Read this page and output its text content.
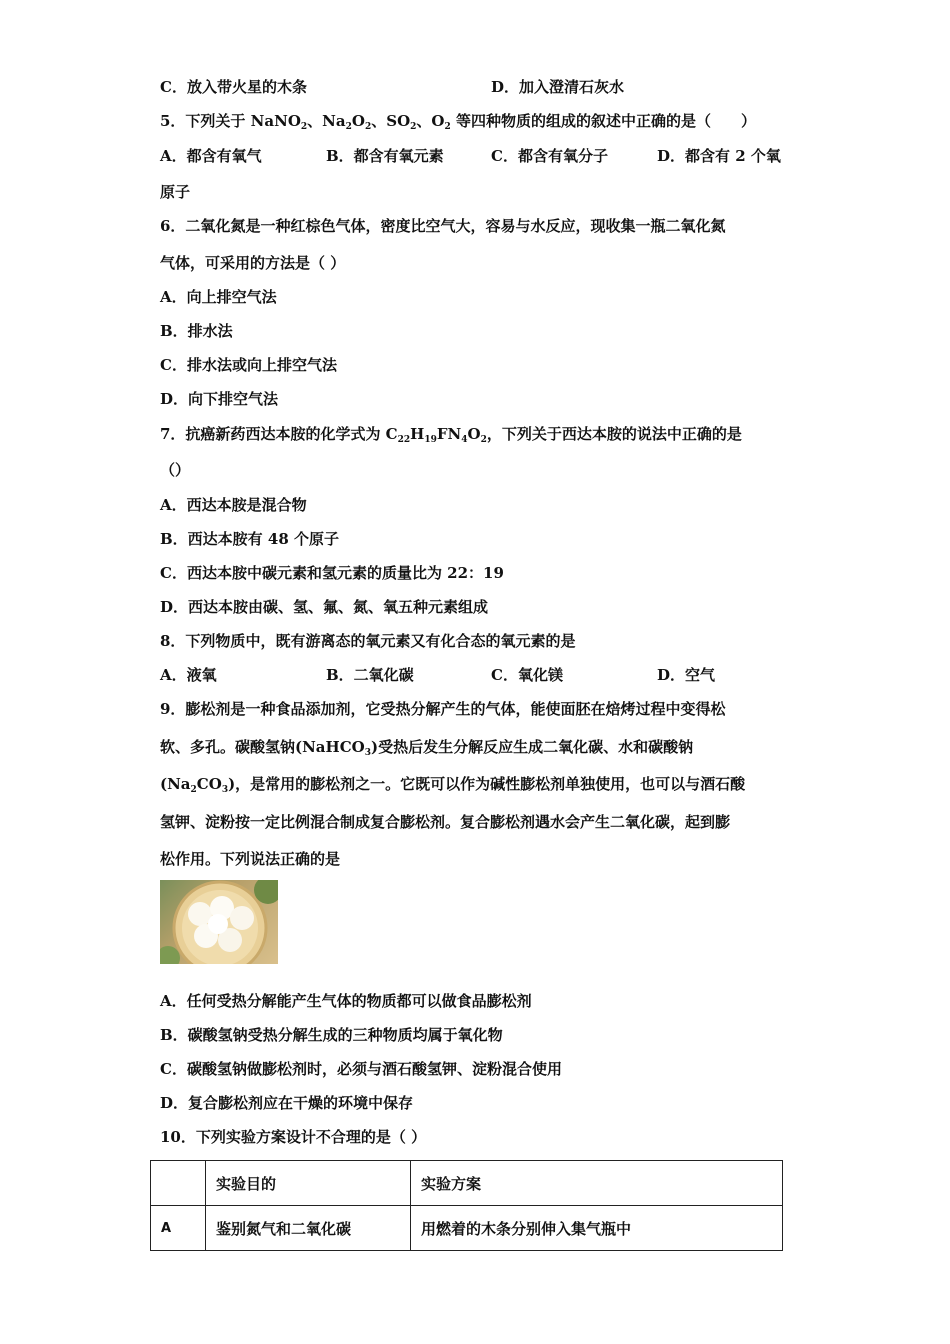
C．放入带火星的木条	D．加入澄清石灰水
5．下列关于 NaNO$_2$、$Na_2O_2$、$SO_2$、$O_2$ 等四种物质的组成的叙述中正确的是（　　）
A．都含有氧气	B．都含有氧元素	C．都含有氧分子	D．都含有 2 个氧
原子
6．二氧化氮是一种红棕色气体，密度比空气大，容易与水反应，现收集一瓶二氧化氮
气体，可采用的方法是（ ）
A．向上排空气法
B．排水法
C．排水法或向上排空气法
D．向下排空气法
7．抗癌新药西达本胺的化学式为 $C_{22}H_{19}FN_4O_2$，下列关于西达本胺的说法中正确的是
（）
A．西达本胺是混合物
B．西达本胺有 48 个原子
C．西达本胺中碳元素和氢元素的质量比为 22：19
D．西达本胺由碳、氢、氟、氮、氧五种元素组成
8．下列物质中，既有游离态的氧元素又有化合态的氧元素的是
A．液氧	B．二氧化碳	C．氧化镁	D．空气
9．膨松剂是一种食品添加剂，它受热分解产生的气体，能使面胚在焙烤过程中变得松
软、多孔。碳酸氢钠(NaHCO$_3$)受热后发生分解反应生成二氧化碳、水和碳酸钠
$(Na_2CO_3)$，是常用的膨松剂之一。它既可以作为碱性膨松剂单独使用，也可以与酒石酸
氢钾、淀粉按一定比例混合制成复合膨松剂。复合膨松剂遇水会产生二氧化碳，起到膨
松作用。下列说法正确的是
A．任何受热分解能产生气体的物质都可以做食品膨松剂
B．碳酸氢钠受热分解生成的三种物质均属于氧化物
C．碳酸氢钠做膨松剂时，必须与酒石酸氢钾、淀粉混合使用
D．复合膨松剂应在干燥的环境中保存
10．下列实验方案设计不合理的是（ ）
	实验目的	实验方案
A	鉴别氮气和二氧化碳	用燃着的木条分别伸入集气瓶中
